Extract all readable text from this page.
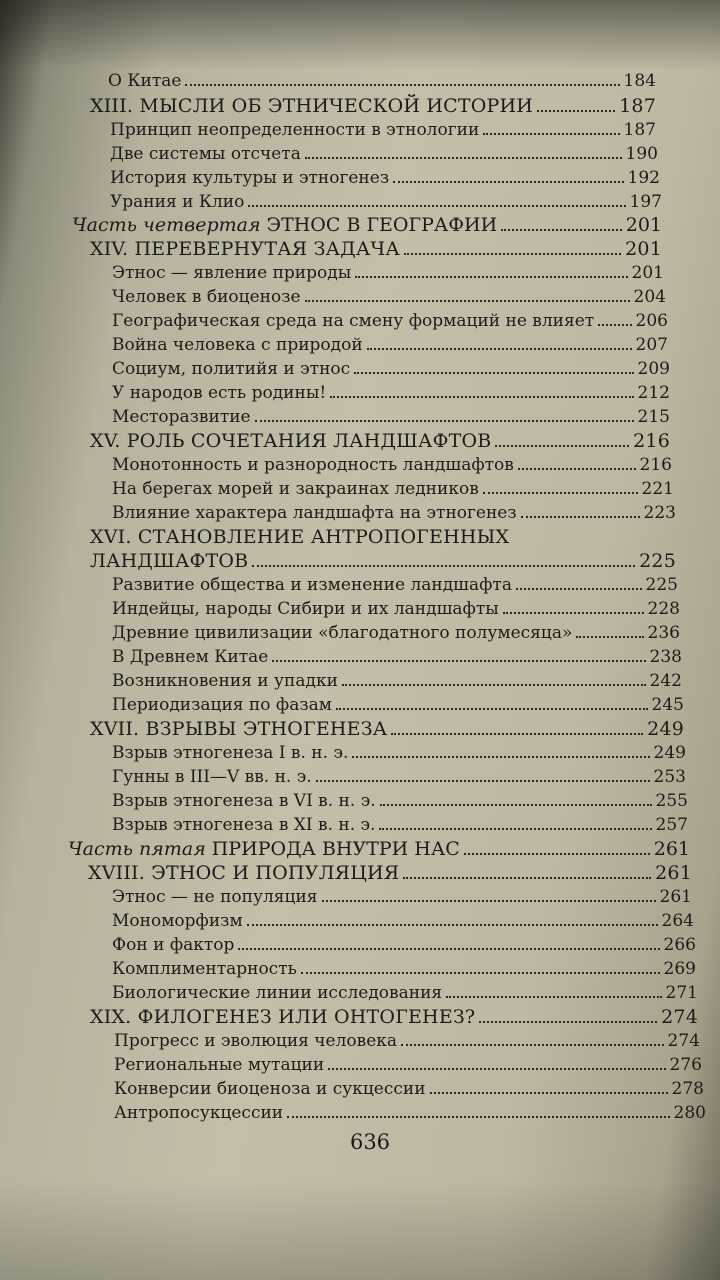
О Китае	184
XIII. МЫСЛИ ОБ ЭТНИЧЕСКОЙ ИСТОРИИ	187
Принцип неопределенности в этнологии	187
Две системы отсчета	190
История культуры и этногенез	192
Урания и Клио	197
Часть четвертая ЭТНОС В ГЕОГРАФИИ	201
XIV. ПЕРЕВЕРНУТАЯ ЗАДАЧА	201
Этнос — явление природы	201
Человек в биоценозе	204
Географическая среда на смену формаций не влияет 206
Война человека с природой	207
Социум, политийя и этнос	209
У народов есть родины!	212
Месторазвитие	215
XV. РОЛЬ СОЧЕТАНИЯ ЛАНДШАФТОВ	216
Монотонность и разнородность ландшафтов	216
На берегах морей и закраинах ледников	221
Влияние характера ландшафта на этногенез	223
XVI. СТАНОВЛЕНИЕ АНТРОПОГЕННЫХ
ЛАНДШАФТОВ	225
Развитие общества и изменение ландшафта	225
Индейцы, народы Сибири и их ландшафты	228
Древние цивилизации «благодатного полумесяца»	236
В Древнем Китае	238
Возникновения и упадки	242
Периодизация по фазам	245
XVII. ВЗРЫВЫ ЭТНОГЕНЕЗА	249
Взрыв этногенеза I в. н. э.	249
Гунны в III—V вв. н. э.	253
Взрыв этногенеза в VI в. н. э.	255
Взрыв этногенеза в XI в. н. э.	257
Часть пятая ПРИРОДА ВНУТРИ НАС	261
XVIII. ЭТНОС И ПОПУЛЯЦИЯ	261
Этнос — не популяция	261
Мономорфизм	264
Фон и фактор	266
Комплиментарность	269
Биологические линии исследования	271
XIX. ФИЛОГЕНЕЗ ИЛИ ОНТОГЕНЕЗ?	274
Прогресс и эволюция человека	274
Региональные мутации	276
Конверсии биоценоза и сукцессии	278
Антропосукцессии	280
636
